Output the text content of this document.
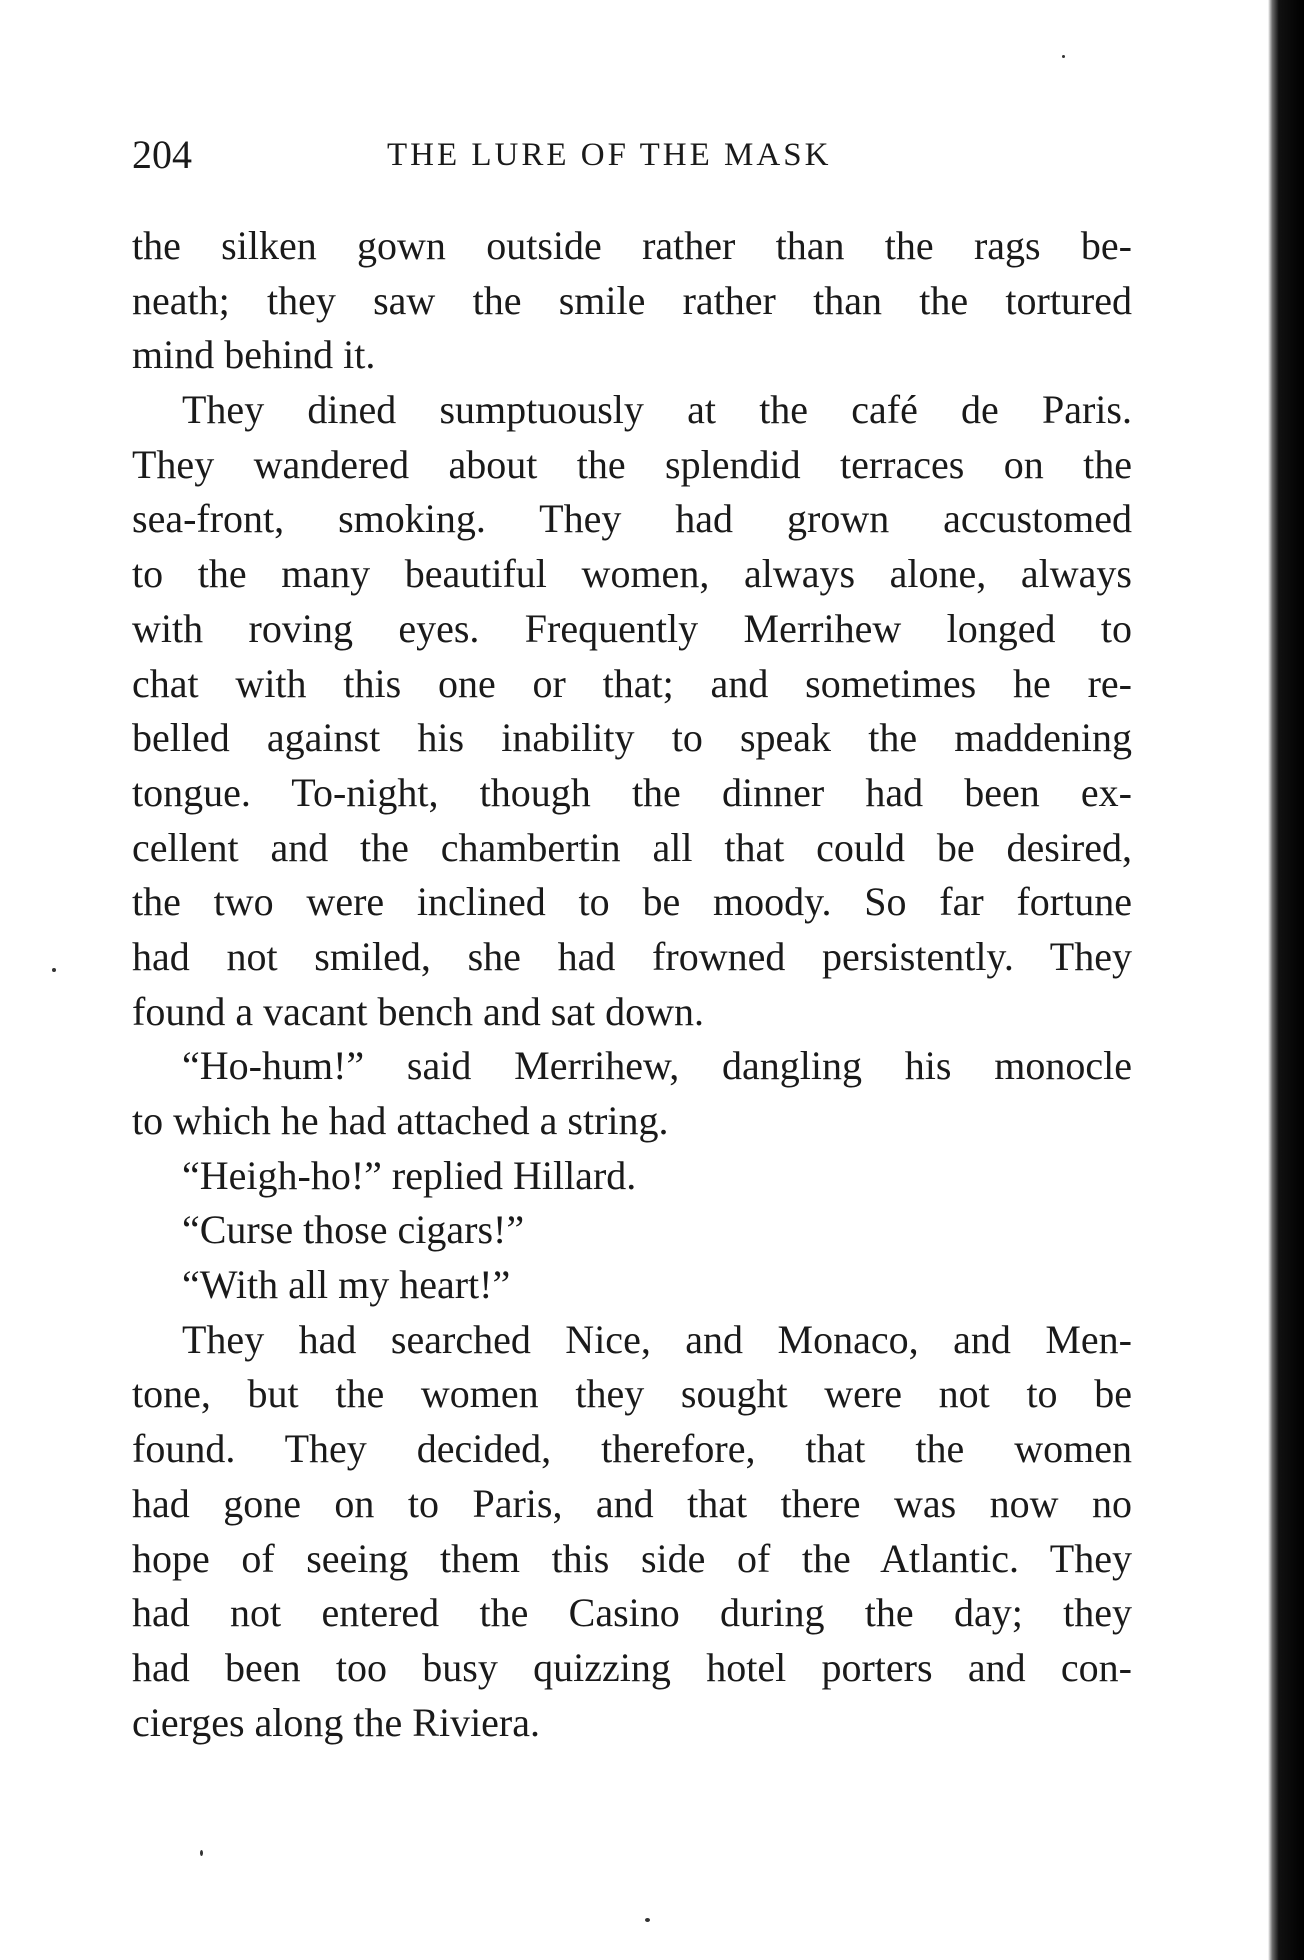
204	THE LURE OF THE MASK
the silken gown outside rather than the rags be-
neath; they saw the smile rather than the tortured
mind behind it.
They dined sumptuously at the café de Paris.
They wandered about the splendid terraces on the
sea-front, smoking. They had grown accustomed
to the many beautiful women, always alone, always
with roving eyes. Frequently Merrihew longed to
chat with this one or that; and sometimes he re-
belled against his inability to speak the maddening
tongue. To-night, though the dinner had been ex-
cellent and the chambertin all that could be desired,
the two were inclined to be moody. So far fortune
had not smiled, she had frowned persistently. They
found a vacant bench and sat down.
“Ho-hum!” said Merrihew, dangling his monocle
to which he had attached a string.
“Heigh-ho!” replied Hillard.
“Curse those cigars!”
“With all my heart!”
They had searched Nice, and Monaco, and Men-
tone, but the women they sought were not to be
found. They decided, therefore, that the women
had gone on to Paris, and that there was now no
hope of seeing them this side of the Atlantic. They
had not entered the Casino during the day; they
had been too busy quizzing hotel porters and con-
cierges along the Riviera.
